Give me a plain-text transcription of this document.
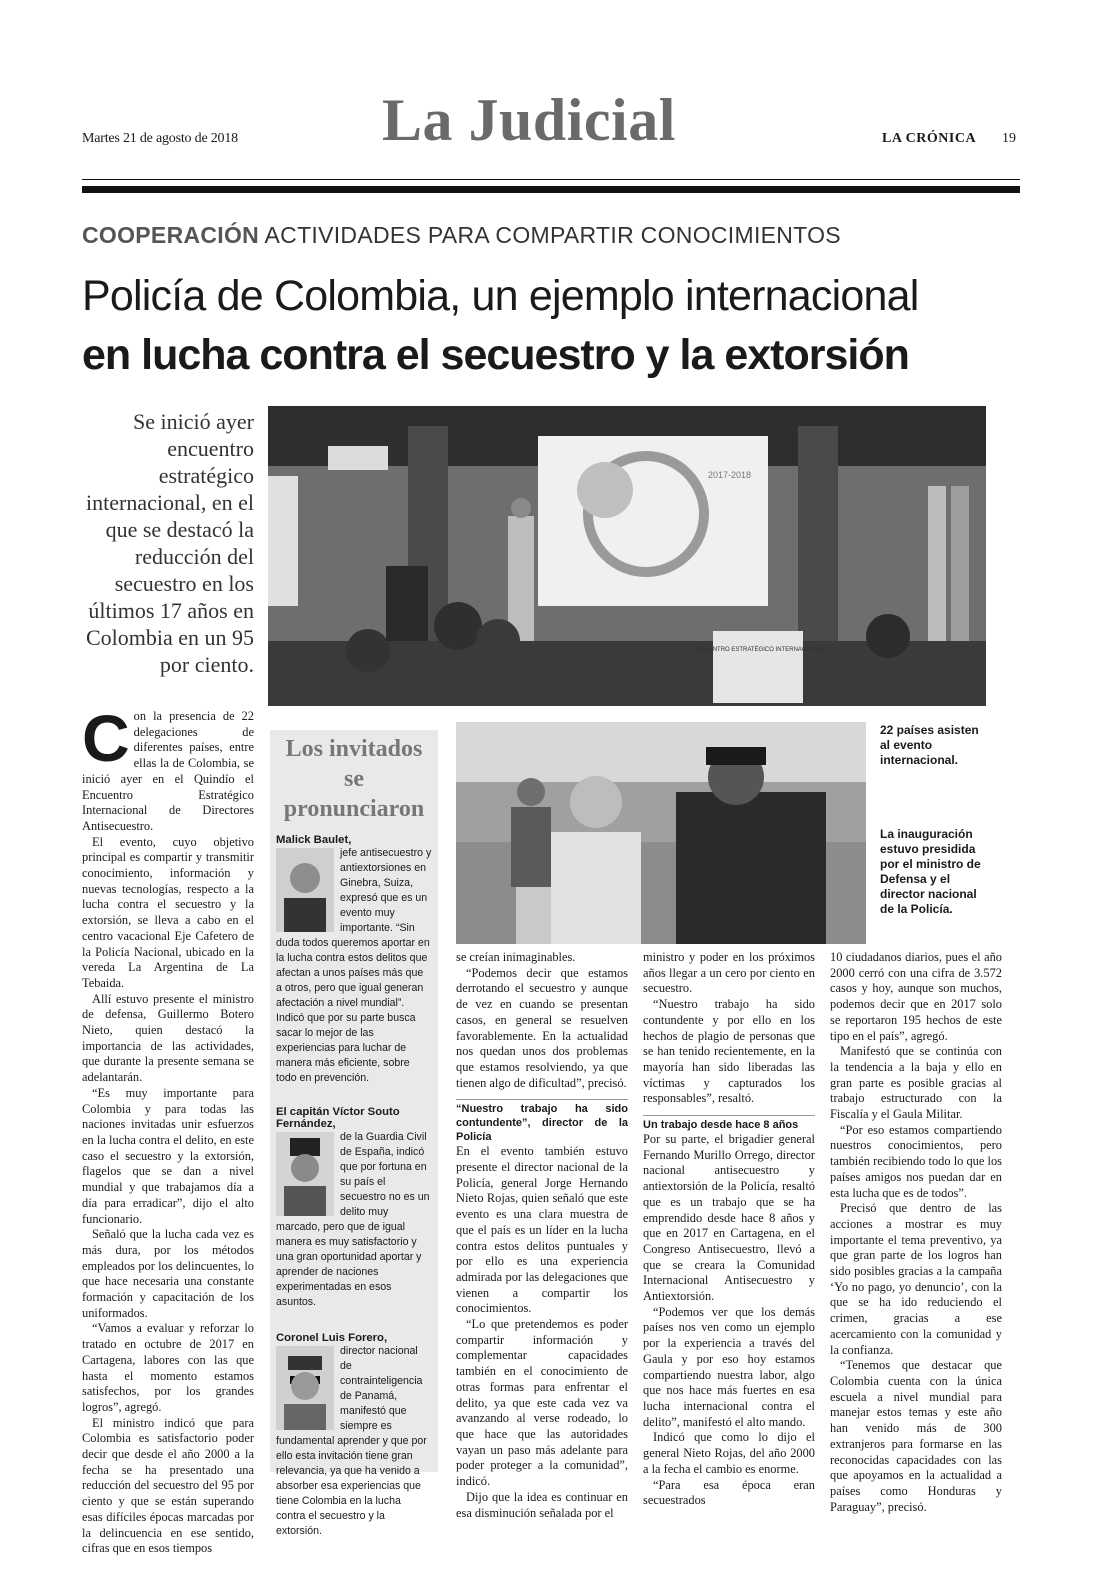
Martes 21 de agosto de 2018 La Judicial	LA CRÓNICA 19
COOPERACIÓN ACTIVIDADES PARA COMPARTIR CONOCIMIENTOS
Policía de Colombia, un ejemplo internacional
en lucha contra el secuestro y la extorsión
Se inició ayer encuentro estratégico internacional, en el que se destacó la reducción del secuestro en los últimos 17 años en Colombia en un 95 por ciento.
2017-2018
ENCUENTRO ESTRATÉGICO INTERNACIONAL
22 países asisten al evento internacional.
La inauguración estuvo presidida por el ministro de Defensa y el director nacional de la Policía.

Con la presencia de 22 delegaciones de diferentes países, entre ellas la de Colombia, se inició ayer en el Quindío el Encuentro Estratégico Internacional de Directores Antisecuestro.

El evento, cuyo objetivo principal es compartir y transmitir conocimiento, información y nuevas tecnologías, respecto a la lucha contra el secuestro y la extorsión, se lleva a cabo en el centro vacacional Eje Cafetero de la Policía Nacional, ubicado en la vereda La Argentina de La Tebaida.

Allí estuvo presente el ministro de defensa, Guillermo Botero Nieto, quien destacó la importancia de las actividades, que durante la presente semana se adelantarán.

“Es muy importante para Colombia y para todas las naciones invitadas unir esfuerzos en la lucha contra el delito, en este caso el secuestro y la extorsión, flagelos que se dan a nivel mundial y que trabajamos día a día para erradicar”, dijo el alto funcionario.

Señaló que la lucha cada vez es más dura, por los métodos empleados por los delincuentes, lo que hace necesaria una constante formación y capacitación de los uniformados.

“Vamos a evaluar y reforzar lo tratado en octubre de 2017 en Cartagena, labores con las que hasta el momento estamos satisfechos, por los grandes logros”, agregó.

El ministro indicó que para Colombia es satisfactorio poder decir que desde el año 2000 a la fecha se ha presentado una reducción del secuestro del 95 por ciento y que se están superando esas difíciles épocas marcadas por la delincuencia en ese sentido, cifras que en esos tiempos

Los invitados se pronunciaron

Malick Baulet,

jefe antisecuestro y antiextorsiones en Ginebra, Suiza, expresó que es un evento muy importante. “Sin duda todos queremos aportar en la lucha contra estos delitos que afectan a unos países más que a otros, pero que igual generan afectación a nivel mundial”.
Indicó que por su parte busca sacar lo mejor de las experiencias para luchar de manera más eficiente, sobre todo en prevención.

El capitán Víctor Souto Fernández,

de la Guardia Civil de España, indicó que por fortuna en su país el secuestro no es un delito muy marcado, pero que de igual manera es muy satisfactorio y una gran oportunidad aportar y aprender de naciones experimentadas en esos asuntos.

Coronel Luis Forero,

director nacional de contrainteligencia de Panamá, manifestó que siempre es fundamental aprender y que por ello esta invitación tiene gran relevancia, ya que ha venido a absorber esa experiencias que tiene Colombia en la lucha contra el secuestro y la extorsión.

se creían inimaginables.

“Podemos decir que estamos derrotando el secuestro y aunque de vez en cuando se presentan casos, en general se resuelven favorablemente. En la actualidad nos quedan unos dos problemas que estamos resolviendo, ya que tienen algo de dificultad”, precisó.

“Nuestro trabajo ha sido contundente”, director de la Policía

En el evento también estuvo presente el director nacional de la Policía, general Jorge Hernando Nieto Rojas, quien señaló que este evento es una clara muestra de que el país es un líder en la lucha contra estos delitos puntuales y por ello es una experiencia admirada por las delegaciones que vienen a compartir los conocimientos.

“Lo que pretendemos es poder compartir información y complementar capacidades también en el conocimiento de otras formas para enfrentar el delito, ya que este cada vez va avanzando al verse rodeado, lo que hace que las autoridades vayan un paso más adelante para poder proteger a la comunidad”, indicó.

Dijo que la idea es continuar en esa disminución señalada por el

ministro y poder en los próximos años llegar a un cero por ciento en secuestro.

“Nuestro trabajo ha sido contundente y por ello en los hechos de plagio de personas que se han tenido recientemente, en la mayoría han sido liberadas las víctimas y capturados los responsables”, resaltó.

Un trabajo desde hace 8 años

Por su parte, el brigadier general Fernando Murillo Orrego, director nacional antisecuestro y antiextorsión de la Policía, resaltó que es un trabajo que se ha emprendido desde hace 8 años y que en 2017 en Cartagena, en el Congreso Antisecuestro, llevó a que se creara la Comunidad Internacional Antisecuestro y Antiextorsión.

“Podemos ver que los demás países nos ven como un ejemplo por la experiencia a través del Gaula y por eso hoy estamos compartiendo nuestra labor, algo que nos hace más fuertes en esa lucha internacional contra el delito”, manifestó el alto mando.

Indicó que como lo dijo el general Nieto Rojas, del año 2000 a la fecha el cambio es enorme.

“Para esa época eran secuestrados

10 ciudadanos diarios, pues el año 2000 cerró con una cifra de 3.572 casos y hoy, aunque son muchos, podemos decir que en 2017 solo se reportaron 195 hechos de este tipo en el país”, agregó.

Manifestó que se continúa con la tendencia a la baja y ello en gran parte es posible gracias al trabajo estructurado con la Fiscalía y el Gaula Militar.

“Por eso estamos compartiendo nuestros conocimientos, pero también recibiendo todo lo que los países amigos nos puedan dar en esta lucha que es de todos”.

Precisó que dentro de las acciones a mostrar es muy importante el tema preventivo, ya que gran parte de los logros han sido posibles gracias a la campaña ‘Yo no pago, yo denuncio’, con la que se ha ido reduciendo el crimen, gracias a ese acercamiento con la comunidad y la confianza.

“Tenemos que destacar que Colombia cuenta con la única escuela a nivel mundial para manejar estos temas y este año han venido más de 300 extranjeros para formarse en las reconocidas capacidades con las que apoyamos en la actualidad a países como Honduras y Paraguay”, precisó.
